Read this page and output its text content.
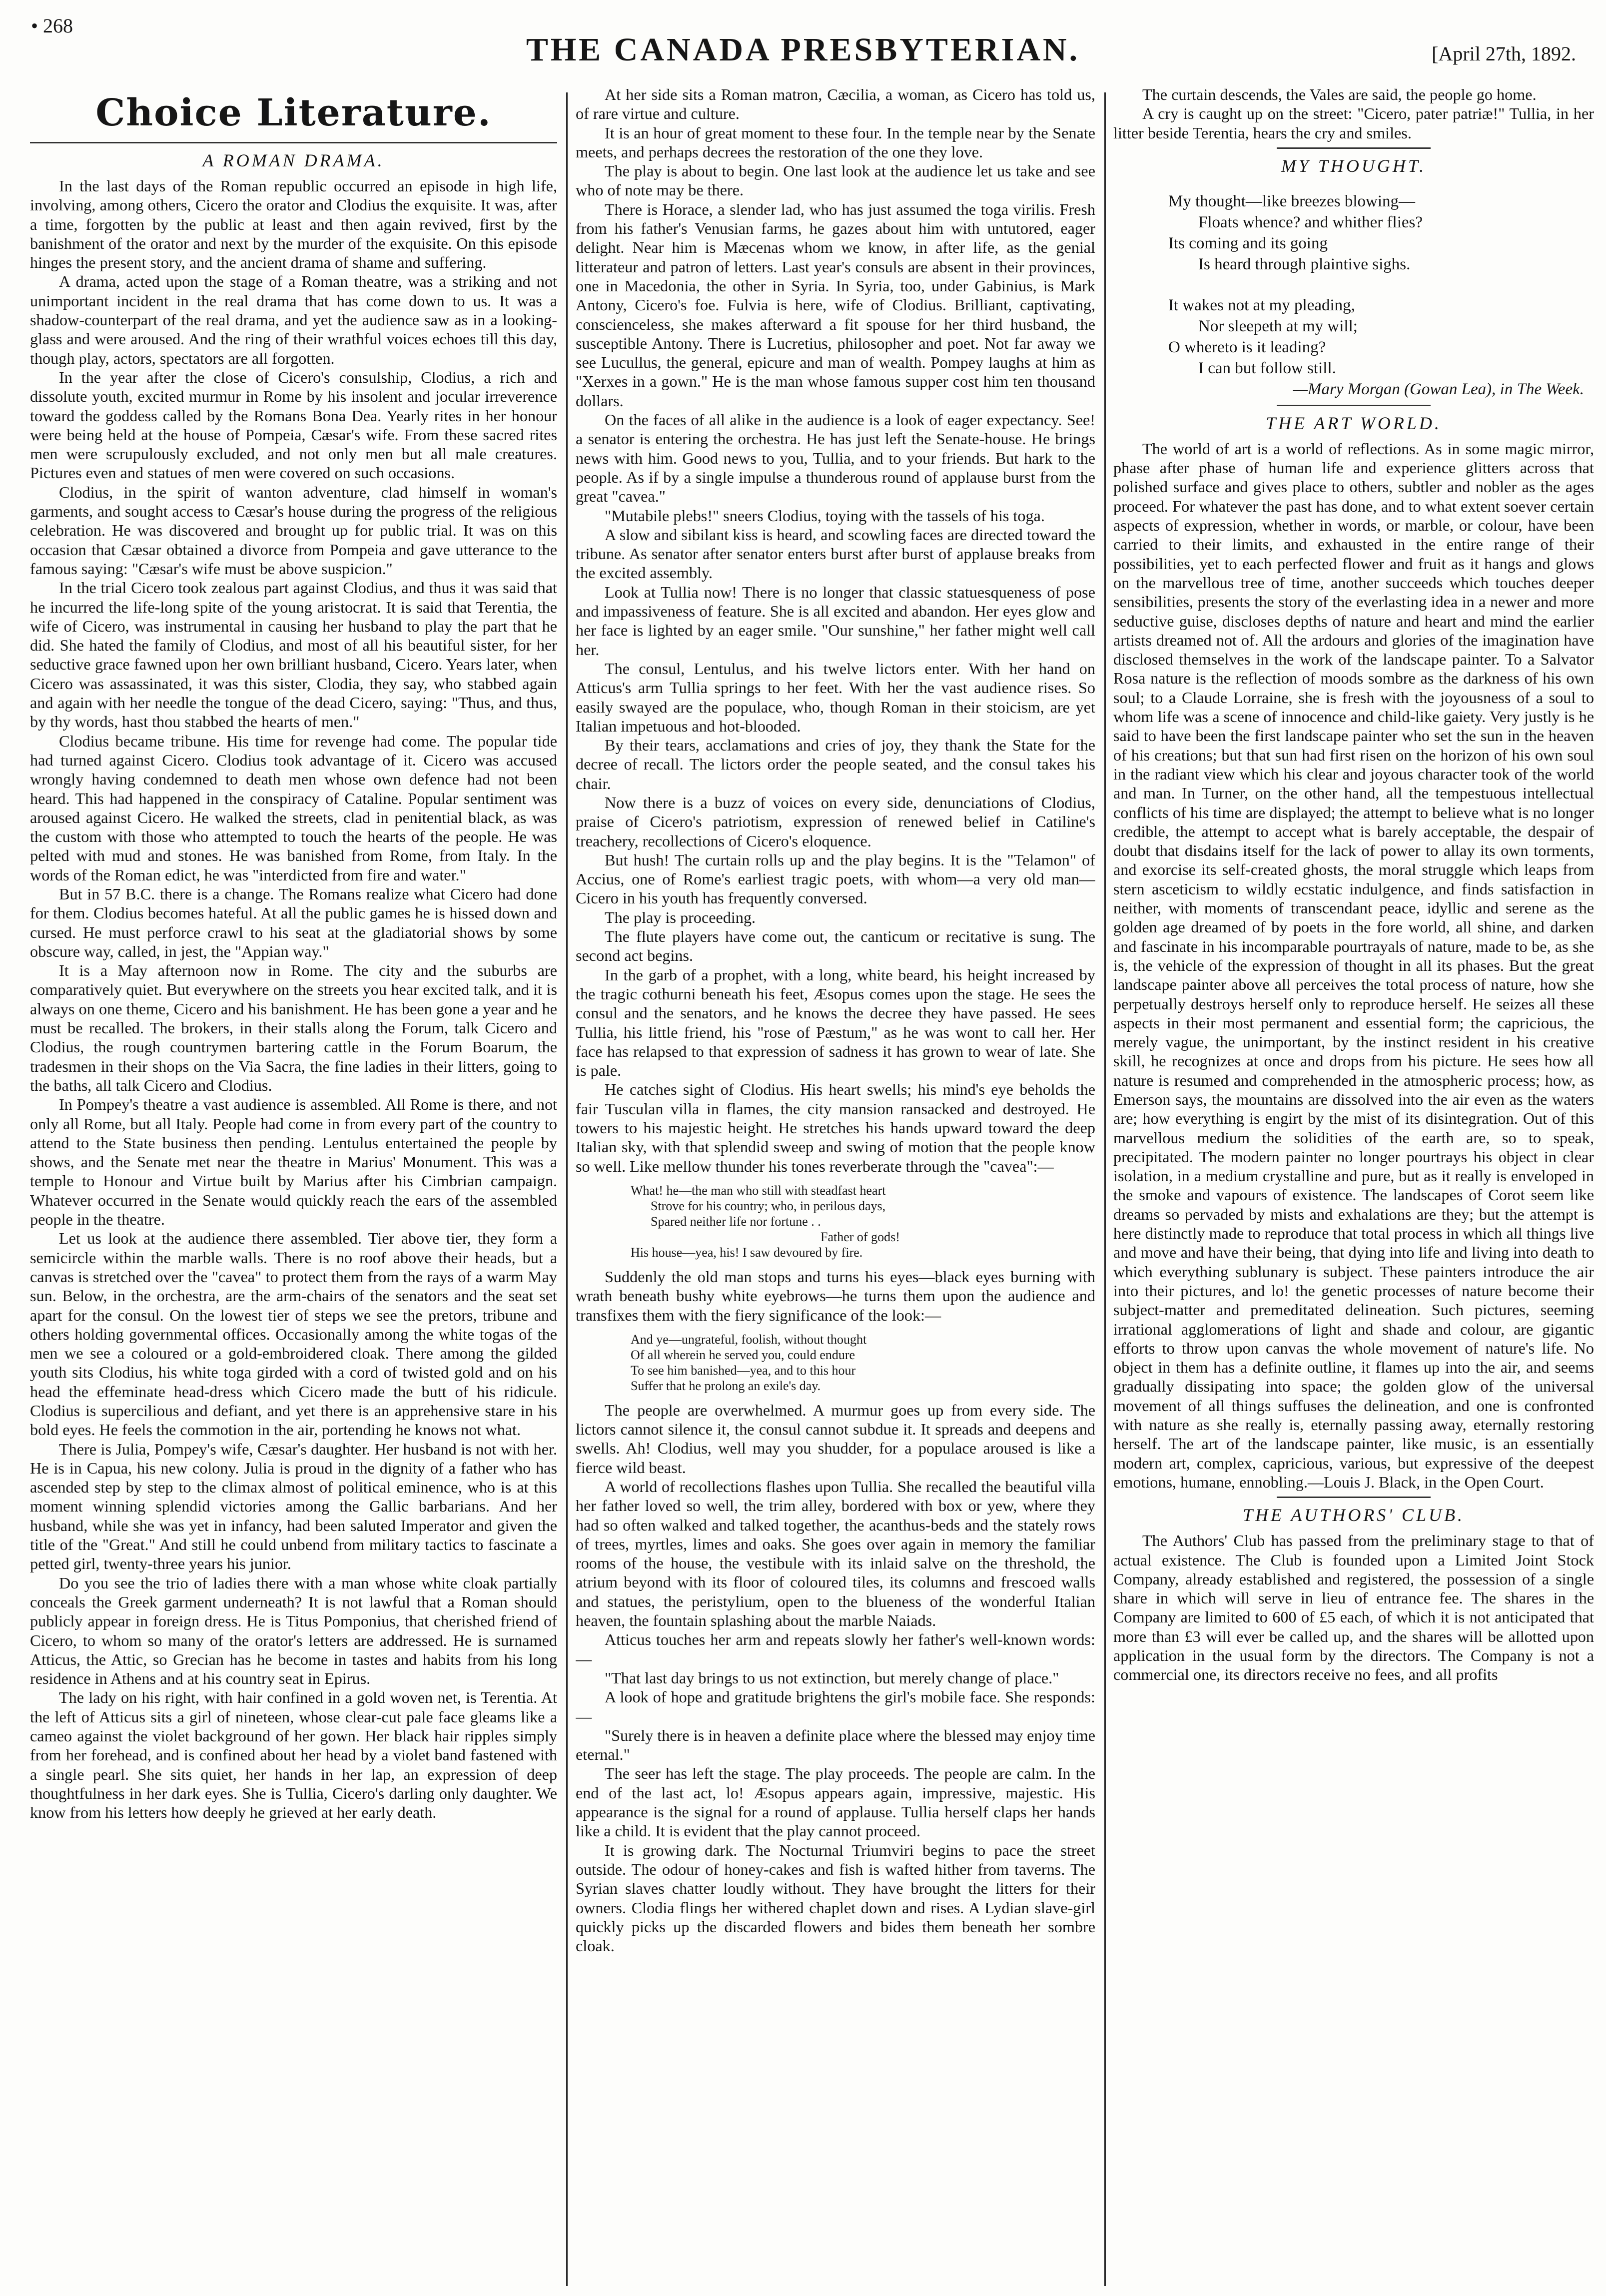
• 268
THE CANADA PRESBYTERIAN.	[April 27th, 1892.
Choice Literature.
A ROMAN DRAMA.

In the last days of the Roman republic occurred an episode in high life, involving, among others, Cicero the orator and Clodius the exquisite. It was, after a time, forgotten by the public at least and then again revived, first by the banishment of the orator and next by the murder of the exquisite. On this episode hinges the present story, and the ancient drama of shame and suffering.

A drama, acted upon the stage of a Roman theatre, was a striking and not unimportant incident in the real drama that has come down to us. It was a shadow-counterpart of the real drama, and yet the audience saw as in a looking-glass and were aroused. And the ring of their wrathful voices echoes till this day, though play, actors, spectators are all forgotten.

In the year after the close of Cicero's consulship, Clodius, a rich and dissolute youth, excited murmur in Rome by his insolent and jocular irreverence toward the goddess called by the Romans Bona Dea. Yearly rites in her honour were being held at the house of Pompeia, Cæsar's wife. From these sacred rites men were scrupulously excluded, and not only men but all male creatures. Pictures even and statues of men were covered on such occasions.

Clodius, in the spirit of wanton adventure, clad himself in woman's garments, and sought access to Cæsar's house during the progress of the religious celebration. He was discovered and brought up for public trial. It was on this occasion that Cæsar obtained a divorce from Pompeia and gave utterance to the famous saying: "Cæsar's wife must be above suspicion."

In the trial Cicero took zealous part against Clodius, and thus it was said that he incurred the life-long spite of the young aristocrat. It is said that Terentia, the wife of Cicero, was instrumental in causing her husband to play the part that he did. She hated the family of Clodius, and most of all his beautiful sister, for her seductive grace fawned upon her own brilliant husband, Cicero. Years later, when Cicero was assassinated, it was this sister, Clodia, they say, who stabbed again and again with her needle the tongue of the dead Cicero, saying: "Thus, and thus, by thy words, hast thou stabbed the hearts of men."

Clodius became tribune. His time for revenge had come. The popular tide had turned against Cicero. Clodius took advantage of it. Cicero was accused wrongly having condemned to death men whose own defence had not been heard. This had happened in the conspiracy of Cataline. Popular sentiment was aroused against Cicero. He walked the streets, clad in penitential black, as was the custom with those who attempted to touch the hearts of the people. He was pelted with mud and stones. He was banished from Rome, from Italy. In the words of the Roman edict, he was "interdicted from fire and water."

But in 57 B.C. there is a change. The Romans realize what Cicero had done for them. Clodius becomes hateful. At all the public games he is hissed down and cursed. He must perforce crawl to his seat at the gladiatorial shows by some obscure way, called, in jest, the "Appian way."

It is a May afternoon now in Rome. The city and the suburbs are comparatively quiet. But everywhere on the streets you hear excited talk, and it is always on one theme, Cicero and his banishment. He has been gone a year and he must be recalled. The brokers, in their stalls along the Forum, talk Cicero and Clodius, the rough countrymen bartering cattle in the Forum Boarum, the tradesmen in their shops on the Via Sacra, the fine ladies in their litters, going to the baths, all talk Cicero and Clodius.

In Pompey's theatre a vast audience is assembled. All Rome is there, and not only all Rome, but all Italy. People had come in from every part of the country to attend to the State business then pending. Lentulus entertained the people by shows, and the Senate met near the theatre in Marius' Monument. This was a temple to Honour and Virtue built by Marius after his Cimbrian campaign. Whatever occurred in the Senate would quickly reach the ears of the assembled people in the theatre.

Let us look at the audience there assembled. Tier above tier, they form a semicircle within the marble walls. There is no roof above their heads, but a canvas is stretched over the "cavea" to protect them from the rays of a warm May sun. Below, in the orchestra, are the arm-chairs of the senators and the seat set apart for the consul. On the lowest tier of steps we see the pretors, tribune and others holding governmental offices. Occasionally among the white togas of the men we see a coloured or a gold-embroidered cloak. There among the gilded youth sits Clodius, his white toga girded with a cord of twisted gold and on his head the effeminate head-dress which Cicero made the butt of his ridicule. Clodius is supercilious and defiant, and yet there is an apprehensive stare in his bold eyes. He feels the commotion in the air, portending he knows not what.

There is Julia, Pompey's wife, Cæsar's daughter. Her husband is not with her. He is in Capua, his new colony. Julia is proud in the dignity of a father who has ascended step by step to the climax almost of political eminence, who is at this moment winning splendid victories among the Gallic barbarians. And her husband, while she was yet in infancy, had been saluted Imperator and given the title of the "Great." And still he could unbend from military tactics to fascinate a petted girl, twenty-three years his junior.

Do you see the trio of ladies there with a man whose white cloak partially conceals the Greek garment underneath? It is not lawful that a Roman should publicly appear in foreign dress. He is Titus Pomponius, that cherished friend of Cicero, to whom so many of the orator's letters are addressed. He is surnamed Atticus, the Attic, so Grecian has he become in tastes and habits from his long residence in Athens and at his country seat in Epirus.

The lady on his right, with hair confined in a gold woven net, is Terentia. At the left of Atticus sits a girl of nineteen, whose clear-cut pale face gleams like a cameo against the violet background of her gown. Her black hair ripples simply from her forehead, and is confined about her head by a violet band fastened with a single pearl. She sits quiet, her hands in her lap, an expression of deep thoughtfulness in her dark eyes. She is Tullia, Cicero's darling only daughter. We know from his letters how deeply he grieved at her early death.

At her side sits a Roman matron, Cæcilia, a woman, as Cicero has told us, of rare virtue and culture.

It is an hour of great moment to these four. In the temple near by the Senate meets, and perhaps decrees the restoration of the one they love.

The play is about to begin. One last look at the audience let us take and see who of note may be there.

There is Horace, a slender lad, who has just assumed the toga virilis. Fresh from his father's Venusian farms, he gazes about him with untutored, eager delight. Near him is Mæcenas whom we know, in after life, as the genial litterateur and patron of letters. Last year's consuls are absent in their provinces, one in Macedonia, the other in Syria. In Syria, too, under Gabinius, is Mark Antony, Cicero's foe. Fulvia is here, wife of Clodius. Brilliant, captivating, conscienceless, she makes afterward a fit spouse for her third husband, the susceptible Antony. There is Lucretius, philosopher and poet. Not far away we see Lucullus, the general, epicure and man of wealth. Pompey laughs at him as "Xerxes in a gown." He is the man whose famous supper cost him ten thousand dollars.

On the faces of all alike in the audience is a look of eager expectancy. See! a senator is entering the orchestra. He has just left the Senate-house. He brings news with him. Good news to you, Tullia, and to your friends. But hark to the people. As if by a single impulse a thunderous round of applause burst from the great "cavea."

"Mutabile plebs!" sneers Clodius, toying with the tassels of his toga.

A slow and sibilant kiss is heard, and scowling faces are directed toward the tribune. As senator after senator enters burst after burst of applause breaks from the excited assembly.

Look at Tullia now! There is no longer that classic statuesqueness of pose and impassiveness of feature. She is all excited and abandon. Her eyes glow and her face is lighted by an eager smile. "Our sunshine," her father might well call her.

The consul, Lentulus, and his twelve lictors enter. With her hand on Atticus's arm Tullia springs to her feet. With her the vast audience rises. So easily swayed are the populace, who, though Roman in their stoicism, are yet Italian impetuous and hot-blooded.

By their tears, acclamations and cries of joy, they thank the State for the decree of recall. The lictors order the people seated, and the consul takes his chair.

Now there is a buzz of voices on every side, denunciations of Clodius, praise of Cicero's patriotism, expression of renewed belief in Catiline's treachery, recollections of Cicero's eloquence.

But hush! The curtain rolls up and the play begins. It is the "Telamon" of Accius, one of Rome's earliest tragic poets, with whom—a very old man—Cicero in his youth has frequently conversed.

The play is proceeding.

The flute players have come out, the canticum or recitative is sung. The second act begins.

In the garb of a prophet, with a long, white beard, his height increased by the tragic cothurni beneath his feet, Æsopus comes upon the stage. He sees the consul and the senators, and he knows the decree they have passed. He sees Tullia, his little friend, his "rose of Pæstum," as he was wont to call her. Her face has relapsed to that expression of sadness it has grown to wear of late. She is pale.

He catches sight of Clodius. His heart swells; his mind's eye beholds the fair Tusculan villa in flames, the city mansion ransacked and destroyed. He towers to his majestic height. He stretches his hands upward toward the deep Italian sky, with that splendid sweep and swing of motion that the people know so well. Like mellow thunder his tones reverberate through the "cavea":—

What! he—the man who still with steadfast heart
Strove for his country; who, in perilous days,
Spared neither life nor fortune . .
Father of gods!
His house—yea, his! I saw devoured by fire.

Suddenly the old man stops and turns his eyes—black eyes burning with wrath beneath bushy white eyebrows—he turns them upon the audience and transfixes them with the fiery significance of the look:—

And ye—ungrateful, foolish, without thought
Of all wherein he served you, could endure
To see him banished—yea, and to this hour
Suffer that he prolong an exile's day.

The people are overwhelmed. A murmur goes up from every side. The lictors cannot silence it, the consul cannot subdue it. It spreads and deepens and swells. Ah! Clodius, well may you shudder, for a populace aroused is like a fierce wild beast.

A world of recollections flashes upon Tullia. She recalled the beautiful villa her father loved so well, the trim alley, bordered with box or yew, where they had so often walked and talked together, the acanthus-beds and the stately rows of trees, myrtles, limes and oaks. She goes over again in memory the familiar rooms of the house, the vestibule with its inlaid salve on the threshold, the atrium beyond with its floor of coloured tiles, its columns and frescoed walls and statues, the peristylium, open to the blueness of the wonderful Italian heaven, the fountain splashing about the marble Naiads.

Atticus touches her arm and repeats slowly her father's well-known words:—

"That last day brings to us not extinction, but merely change of place."

A look of hope and gratitude brightens the girl's mobile face. She responds:—

"Surely there is in heaven a definite place where the blessed may enjoy time eternal."

The seer has left the stage. The play proceeds. The people are calm. In the end of the last act, lo! Æsopus appears again, impressive, majestic. His appearance is the signal for a round of applause. Tullia herself claps her hands like a child. It is evident that the play cannot proceed.

It is growing dark. The Nocturnal Triumviri begins to pace the street outside. The odour of honey-cakes and fish is wafted hither from taverns. The Syrian slaves chatter loudly without. They have brought the litters for their owners. Clodia flings her withered chaplet down and rises. A Lydian slave-girl quickly picks up the discarded flowers and bides them beneath her sombre cloak.

The curtain descends, the Vales are said, the people go home.

A cry is caught up on the street: "Cicero, pater patriæ!" Tullia, in her litter beside Terentia, hears the cry and smiles.

MY THOUGHT.
My thought—like breezes blowing—
Floats whence? and whither flies?
Its coming and its going
Is heard through plaintive sighs.
It wakes not at my pleading,
Nor sleepeth at my will;
O whereto is it leading?
I can but follow still.
—Mary Morgan (Gowan Lea), in The Week.
THE ART WORLD.

The world of art is a world of reflections. As in some magic mirror, phase after phase of human life and experience glitters across that polished surface and gives place to others, subtler and nobler as the ages proceed. For whatever the past has done, and to what extent soever certain aspects of expression, whether in words, or marble, or colour, have been carried to their limits, and exhausted in the entire range of their possibilities, yet to each perfected flower and fruit as it hangs and glows on the marvellous tree of time, another succeeds which touches deeper sensibilities, presents the story of the everlasting idea in a newer and more seductive guise, discloses depths of nature and heart and mind the earlier artists dreamed not of. All the ardours and glories of the imagination have disclosed themselves in the work of the landscape painter. To a Salvator Rosa nature is the reflection of moods sombre as the darkness of his own soul; to a Claude Lorraine, she is fresh with the joyousness of a soul to whom life was a scene of innocence and child-like gaiety. Very justly is he said to have been the first landscape painter who set the sun in the heaven of his creations; but that sun had first risen on the horizon of his own soul in the radiant view which his clear and joyous character took of the world and man. In Turner, on the other hand, all the tempestuous intellectual conflicts of his time are displayed; the attempt to believe what is no longer credible, the attempt to accept what is barely acceptable, the despair of doubt that disdains itself for the lack of power to allay its own torments, and exorcise its self-created ghosts, the moral struggle which leaps from stern asceticism to wildly ecstatic indulgence, and finds satisfaction in neither, with moments of transcendant peace, idyllic and serene as the golden age dreamed of by poets in the fore world, all shine, and darken and fascinate in his incomparable pourtrayals of nature, made to be, as she is, the vehicle of the expression of thought in all its phases. But the great landscape painter above all perceives the total process of nature, how she perpetually destroys herself only to reproduce herself. He seizes all these aspects in their most permanent and essential form; the capricious, the merely vague, the unimportant, by the instinct resident in his creative skill, he recognizes at once and drops from his picture. He sees how all nature is resumed and comprehended in the atmospheric process; how, as Emerson says, the mountains are dissolved into the air even as the waters are; how everything is engirt by the mist of its disintegration. Out of this marvellous medium the solidities of the earth are, so to speak, precipitated. The modern painter no longer pourtrays his object in clear isolation, in a medium crystalline and pure, but as it really is enveloped in the smoke and vapours of existence. The landscapes of Corot seem like dreams so pervaded by mists and exhalations are they; but the attempt is here distinctly made to reproduce that total process in which all things live and move and have their being, that dying into life and living into death to which everything sublunary is subject. These painters introduce the air into their pictures, and lo! the genetic processes of nature become their subject-matter and premeditated delineation. Such pictures, seeming irrational agglomerations of light and shade and colour, are gigantic efforts to throw upon canvas the whole movement of nature's life. No object in them has a definite outline, it flames up into the air, and seems gradually dissipating into space; the golden glow of the universal movement of all things suffuses the delineation, and one is confronted with nature as she really is, eternally passing away, eternally restoring herself. The art of the landscape painter, like music, is an essentially modern art, complex, capricious, various, but expressive of the deepest emotions, humane, ennobling.—Louis J. Black, in the Open Court.

THE AUTHORS' CLUB.

The Authors' Club has passed from the preliminary stage to that of actual existence. The Club is founded upon a Limited Joint Stock Company, already established and registered, the possession of a single share in which will serve in lieu of entrance fee. The shares in the Company are limited to 600 of £5 each, of which it is not anticipated that more than £3 will ever be called up, and the shares will be allotted upon application in the usual form by the directors. The Company is not a commercial one, its directors receive no fees, and all profits
